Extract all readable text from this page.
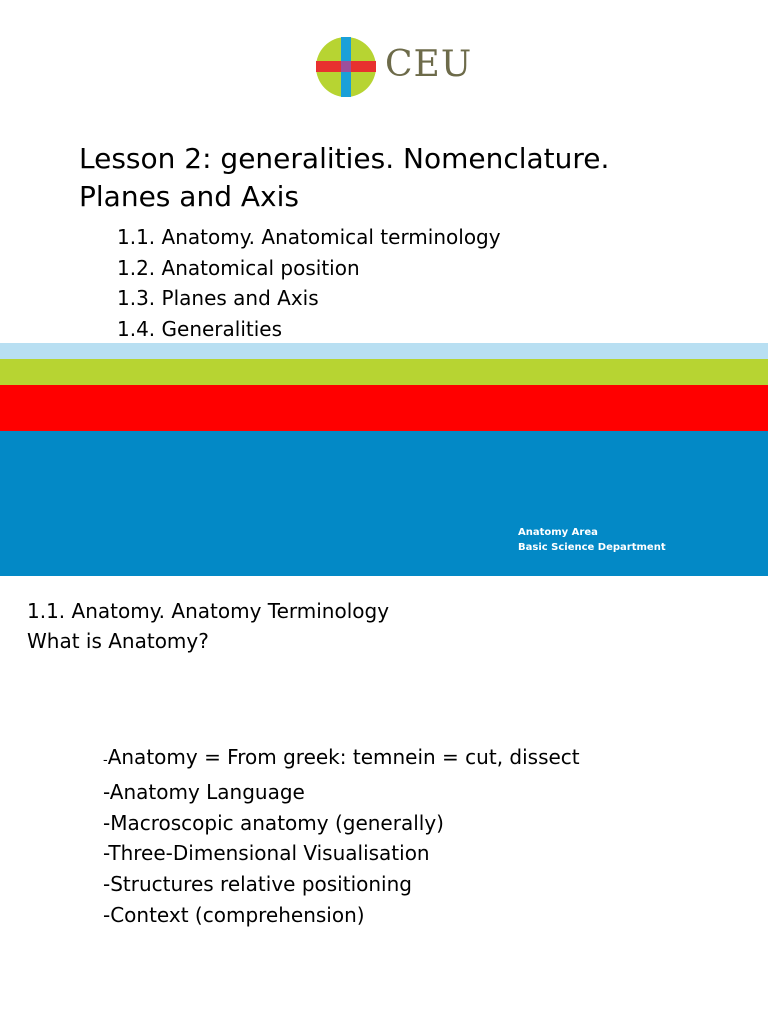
CEU
Lesson 2: generalities. Nomenclature.
Planes and Axis
1.1. Anatomy. Anatomical terminology
1.2. Anatomical position
1.3. Planes and Axis
1.4. Generalities
Anatomy Area
Basic Science Department
1.1. Anatomy. Anatomy Terminology
What is Anatomy?
-Anatomy = From greek: temnein = cut, dissect
-Anatomy Language
-Macroscopic anatomy (generally)
-Three-Dimensional Visualisation
-Structures relative positioning
-Context (comprehension)
